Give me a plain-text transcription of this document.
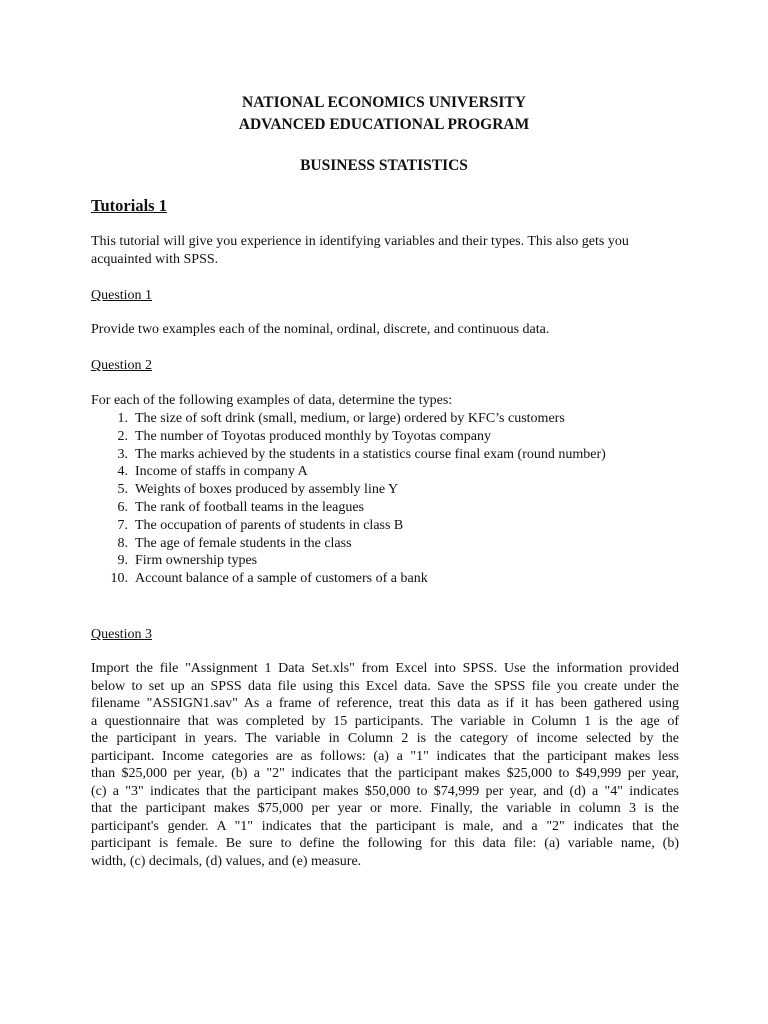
NATIONAL ECONOMICS UNIVERSITY
ADVANCED EDUCATIONAL PROGRAM
BUSINESS STATISTICS
Tutorials 1
This tutorial will give you experience in identifying variables and their types. This also gets you
acquainted with SPSS.
Question 1
Provide two examples each of the nominal, ordinal, discrete, and continuous data.
Question 2
For each of the following examples of data, determine the types:
1. The size of soft drink (small, medium, or large) ordered by KFC’s customers
2. The number of Toyotas produced monthly by Toyotas company
3. The marks achieved by the students in a statistics course final exam (round number)
4. Income of staffs in company A
5. Weights of boxes produced by assembly line Y
6. The rank of football teams in the leagues
7. The occupation of parents of students in class B
8. The age of female students in the class
9. Firm ownership types
10. Account balance of a sample of customers of a bank
Question 3
Import the file "Assignment 1 Data Set.xls" from Excel into SPSS. Use the information provided
below to set up an SPSS data file using this Excel data. Save the SPSS file you create under the
filename "ASSIGN1.sav" As a frame of reference, treat this data as if it has been gathered using
a questionnaire that was completed by 15 participants. The variable in Column 1 is the age of
the participant in years. The variable in Column 2 is the category of income selected by the
participant. Income categories are as follows: (a) a "1" indicates that the participant makes less
than $25,000 per year, (b) a "2" indicates that the participant makes $25,000 to $49,999 per year,
(c) a "3" indicates that the participant makes $50,000 to $74,999 per year, and (d) a "4" indicates
that the participant makes $75,000 per year or more. Finally, the variable in column 3 is the
participant's gender. A "1" indicates that the participant is male, and a "2" indicates that the
participant is female. Be sure to define the following for this data file: (a) variable name, (b)
width, (c) decimals, (d) values, and (e) measure.
